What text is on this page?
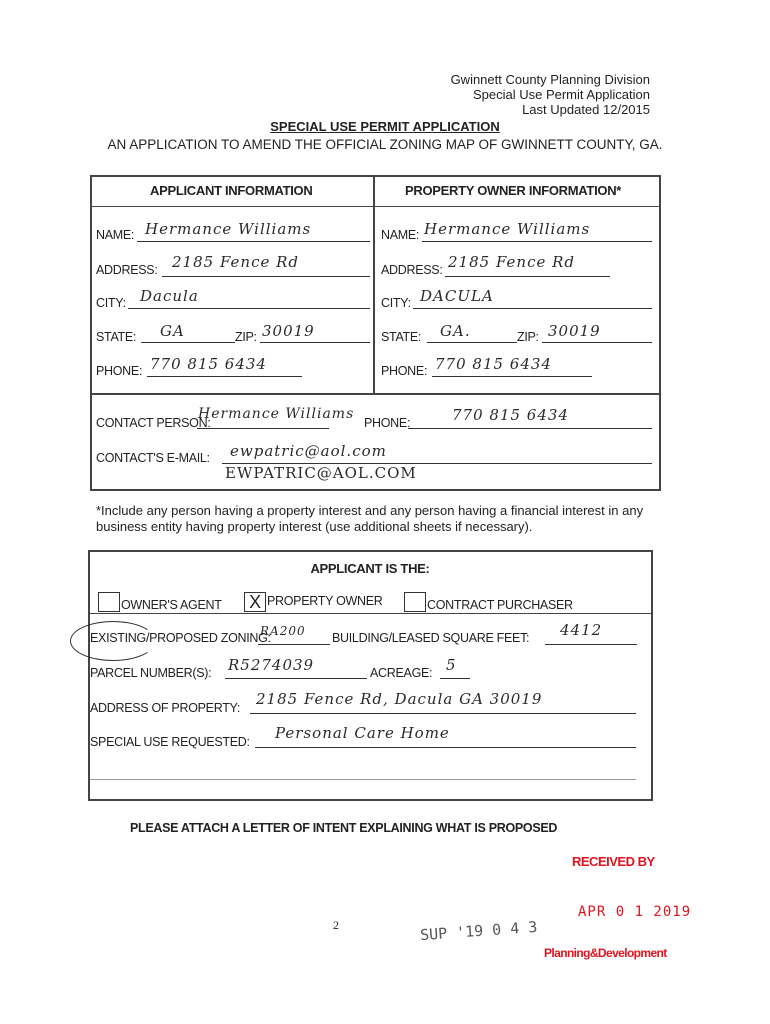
Gwinnett County Planning Division
Special Use Permit Application
Last Updated 12/2015
SPECIAL USE PERMIT APPLICATION
AN APPLICATION TO AMEND THE OFFICIAL ZONING MAP OF GWINNETT COUNTY, GA.
APPLICANT INFORMATION	PROPERTY OWNER INFORMATION*
NAME: Hermance Williams
ADDRESS: 2185 Fence Rd
CITY: Dacula
STATE: GA	ZIP: 30019
PHONE: 770 815 6434
NAME: Hermance Williams
ADDRESS: 2185 Fence Rd
CITY: DACULA
STATE: GA.	ZIP: 30019
PHONE: 770 815 6434
CONTACT PERSON:
Hermance Williams
PHONE:	770 815 6434
CONTACT'S E-MAIL: ewpatric@aol.com
EWPATRIC@AOL.COM
*Include any person having a property interest and any person having a financial interest in any business entity having property interest (use additional sheets if necessary).
APPLICANT IS THE:
OWNER'S AGENT X PROPERTY OWNER	CONTRACT PURCHASER
EXISTING/PROPOSED ZONING:
RA200 BUILDING/LEASED SQUARE FEET: 4412
PARCEL NUMBER(S): R5274039	ACREAGE: 5
ADDRESS OF PROPERTY: 2185 Fence Rd, Dacula GA 30019
SPECIAL USE REQUESTED: Personal Care Home
PLEASE ATTACH A LETTER OF INTENT EXPLAINING WHAT IS PROPOSED
RECEIVED BY
APR 0 1 2019
Planning&Development
2	SUP '19 0 4 3
